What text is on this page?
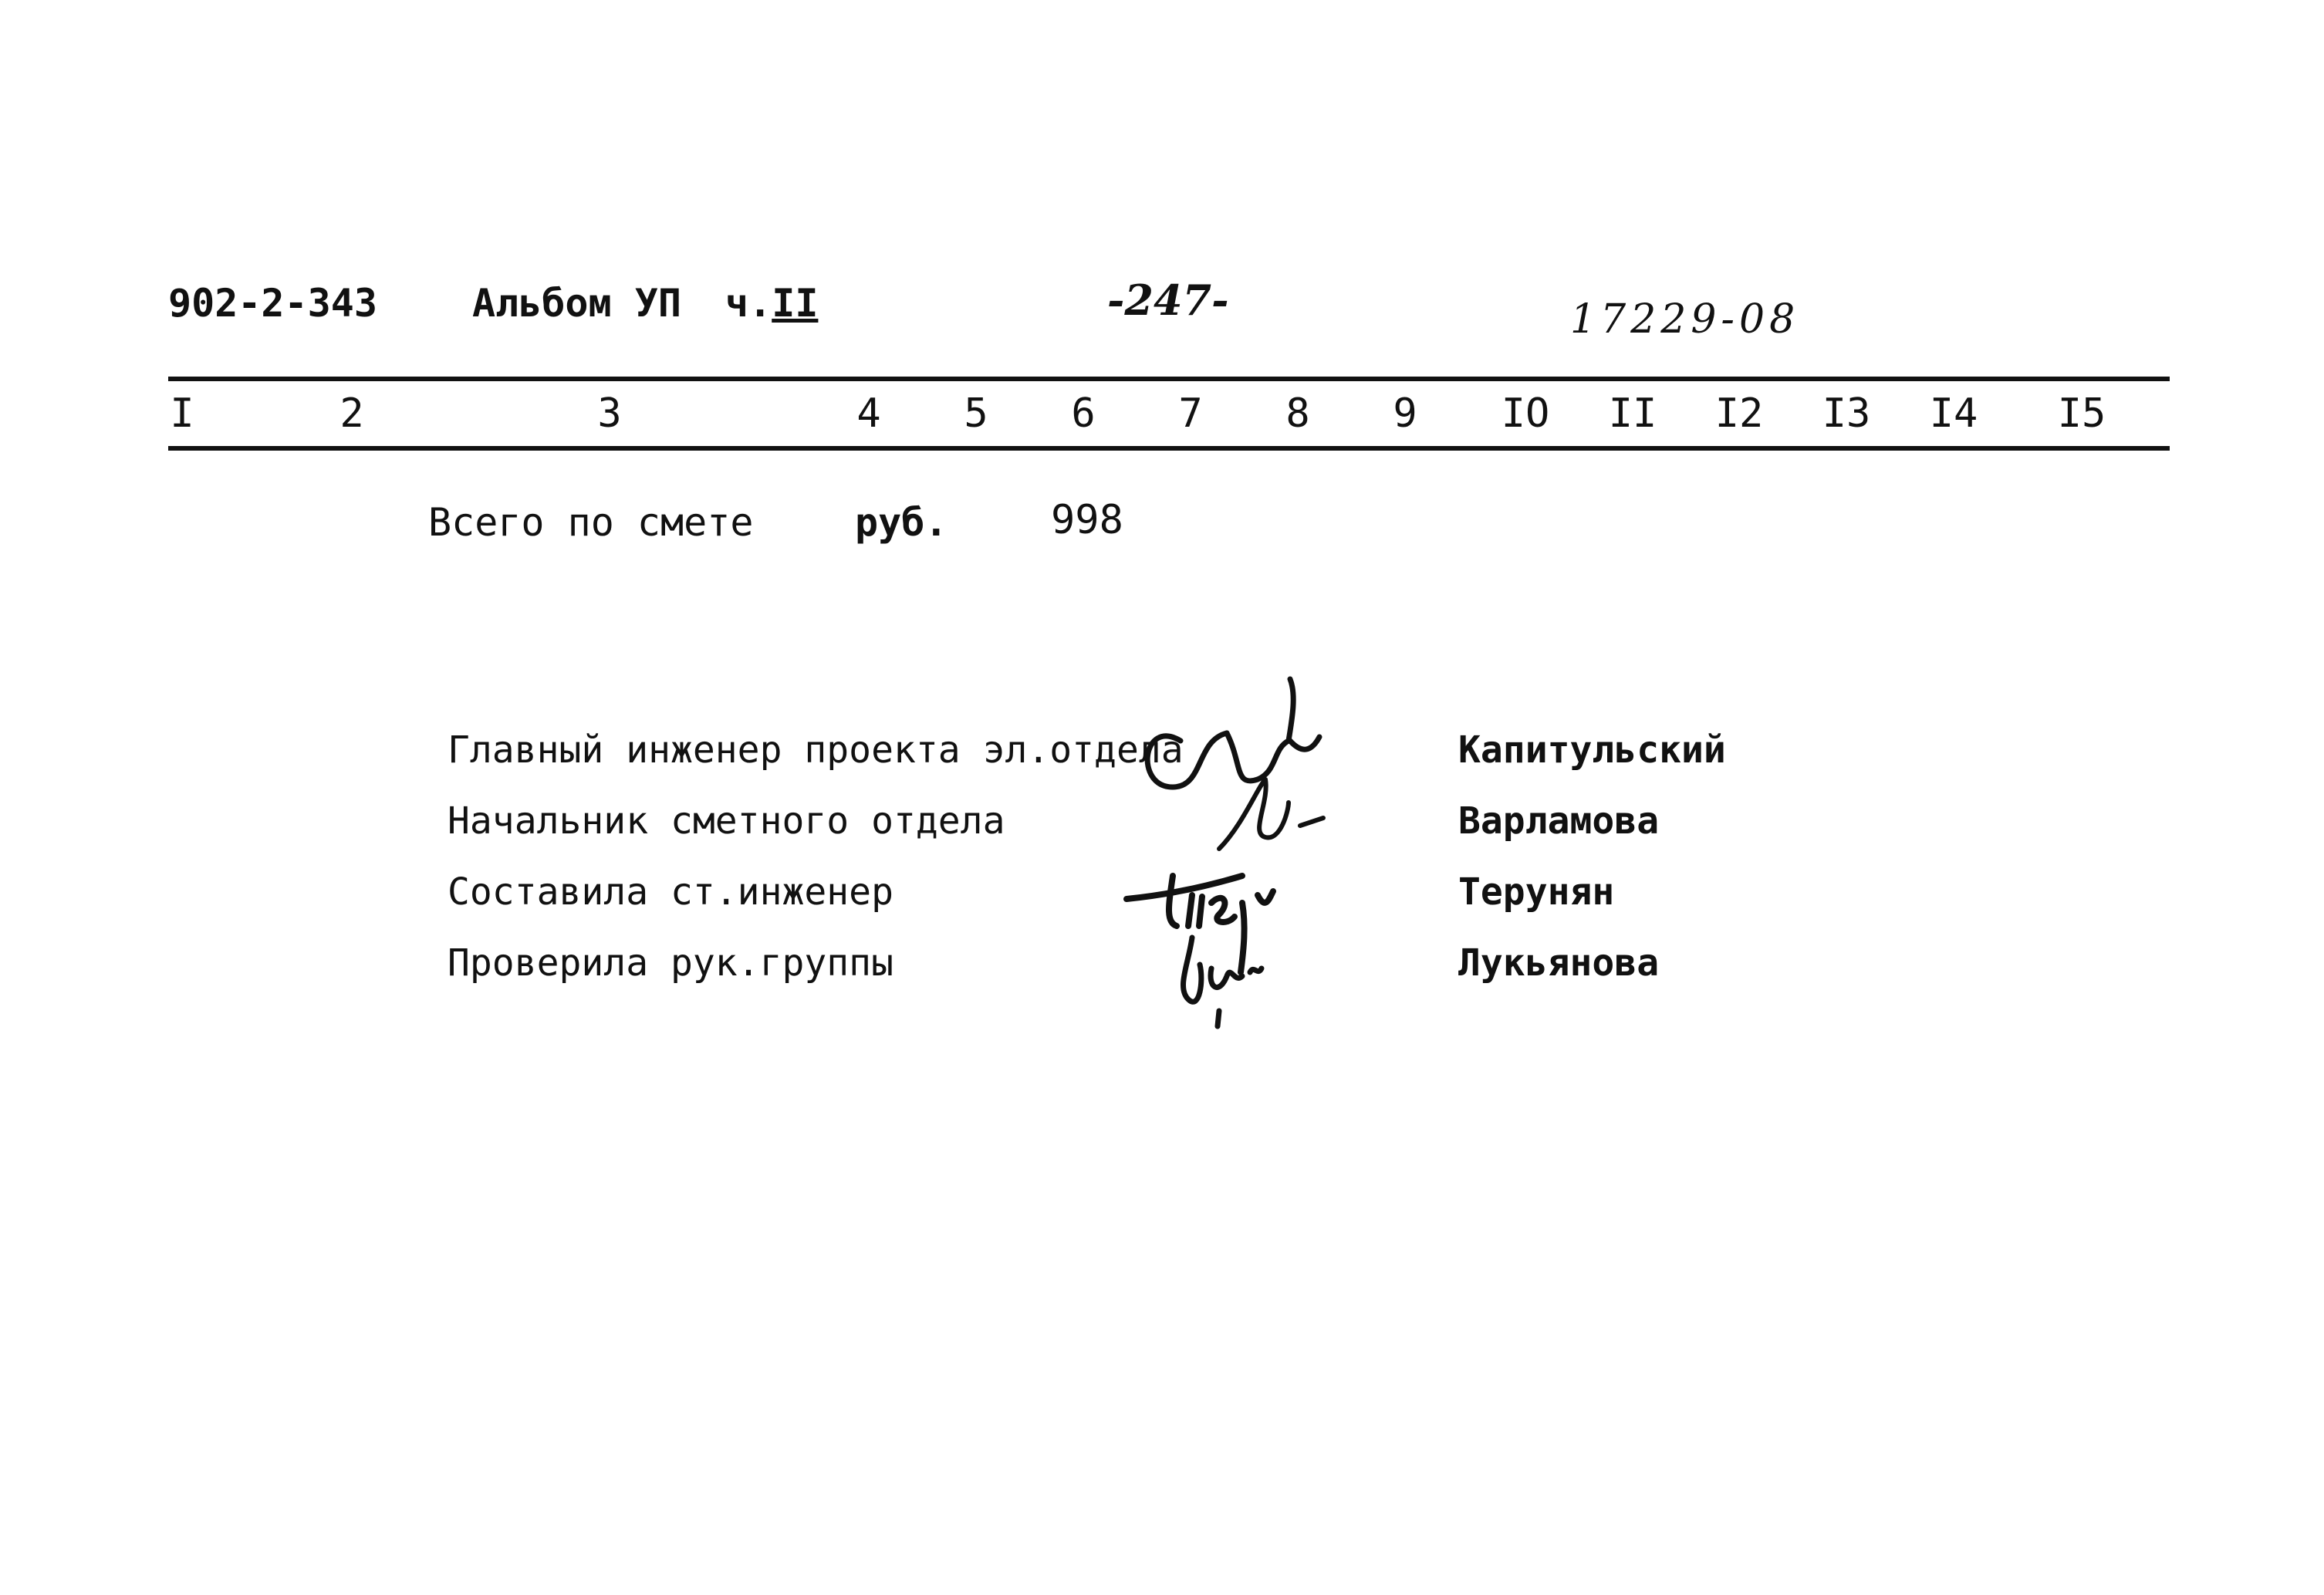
902-2-343 Альбом УП ч.II	-247-	17229-08
I	2	3	4 5 6 7 8 9 IO II I2 I3 I4 I5
Всего по смете	руб.	998
Главный инженер проекта эл.отдела	Капитульский
Начальник сметного отдела	Варламова
Составила ст.инженер	Терунян
Проверила рук.группы	Лукьянова
